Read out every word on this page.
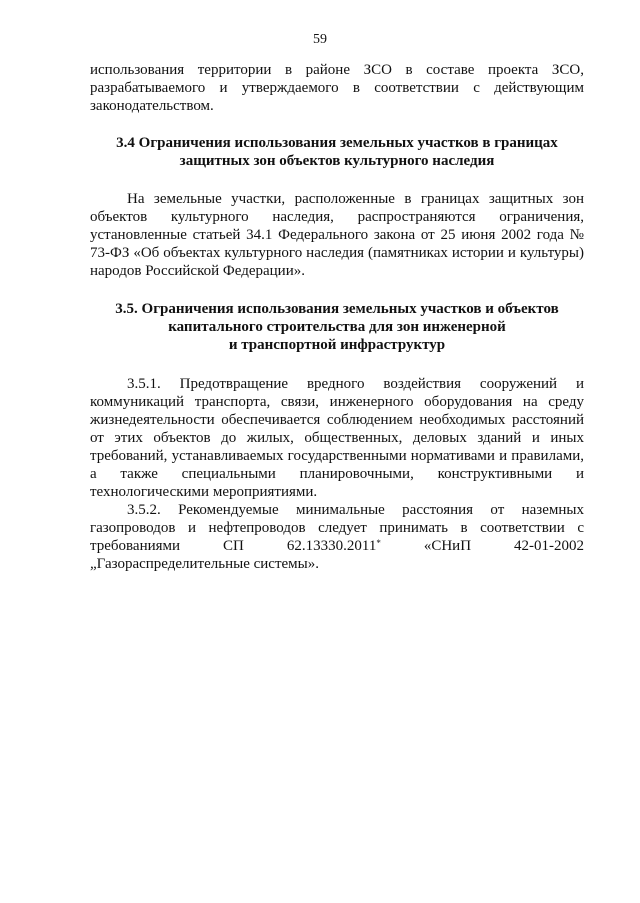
59

использования территории в районе ЗСО в составе проекта ЗСО, разрабатываемого и утверждаемого в соответствии с действующим законодательством.

3.4 Ограничения использования земельных участков в границах

защитных зон объектов культурного наследия

На земельные участки, расположенные в границах защитных зон объектов культурного наследия, распространяются ограничения, установленные статьей 34.1 Федерального закона от 25 июня 2002 года № 73-ФЗ «Об объектах культурного наследия (памятниках истории и культуры) народов Российской Федерации».

3.5. Ограничения использования земельных участков и объектов

капитального строительства для зон инженерной

и транспортной инфраструктур

3.5.1. Предотвращение вредного воздействия сооружений и коммуникаций транспорта, связи, инженерного оборудования на среду жизнедеятельности обеспечивается соблюдением необходимых расстояний от этих объектов до жилых, общественных, деловых зданий и иных требований, устанавливаемых государственными нормативами и правилами, а также специальными планировочными, конструктивными и технологическими мероприятиями.

3.5.2. Рекомендуемые минимальные расстояния от наземных газопроводов и нефтепроводов следует принимать в соответствии с требованиями СП 62.13330.2011* «СНиП 42-01-2002 „Газораспределительные системы».
